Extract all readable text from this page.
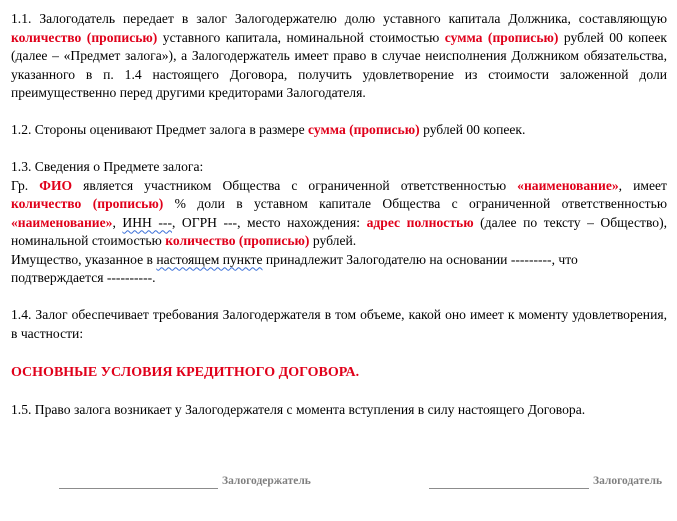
1.1. Залогодатель передает в залог Залогодержателю долю уставного капитала Должника, составляющую количество (прописью) уставного капитала, номинальной стоимостью сумма (прописью) рублей 00 копеек (далее – «Предмет залога»), а Залогодержатель имеет право в случае неисполнения Должником обязательства, указанного в п. 1.4 настоящего Договора, получить удовлетворение из стоимости заложенной доли преимущественно перед другими кредиторами Залогодателя.

1.2. Стороны оценивают Предмет залога в размере сумма (прописью) рублей 00 копеек.

1.3. Сведения о Предмете залога:

Гр. ФИО является участником Общества с ограниченной ответственностью «наименование», имеет количество (прописью) % доли в уставном капитале Общества с ограниченной ответственностью «наименование», ИНН ---, ОГРН ---, место нахождения: адрес полностью (далее по тексту – Общество), номинальной стоимостью количество (прописью) рублей.

Имущество, указанное в настоящем пункте принадлежит Залогодателю на основании ---------, что подтверждается ----------.

1.4. Залог обеспечивает требования Залогодержателя в том объеме, какой оно имеет к моменту удовлетворения, в частности:

ОСНОВНЫЕ УСЛОВИЯ КРЕДИТНОГО ДОГОВОРА.

1.5. Право залога возникает у Залогодержателя с момента вступления в силу настоящего Договора.

Залогодержатель	Залогодатель
